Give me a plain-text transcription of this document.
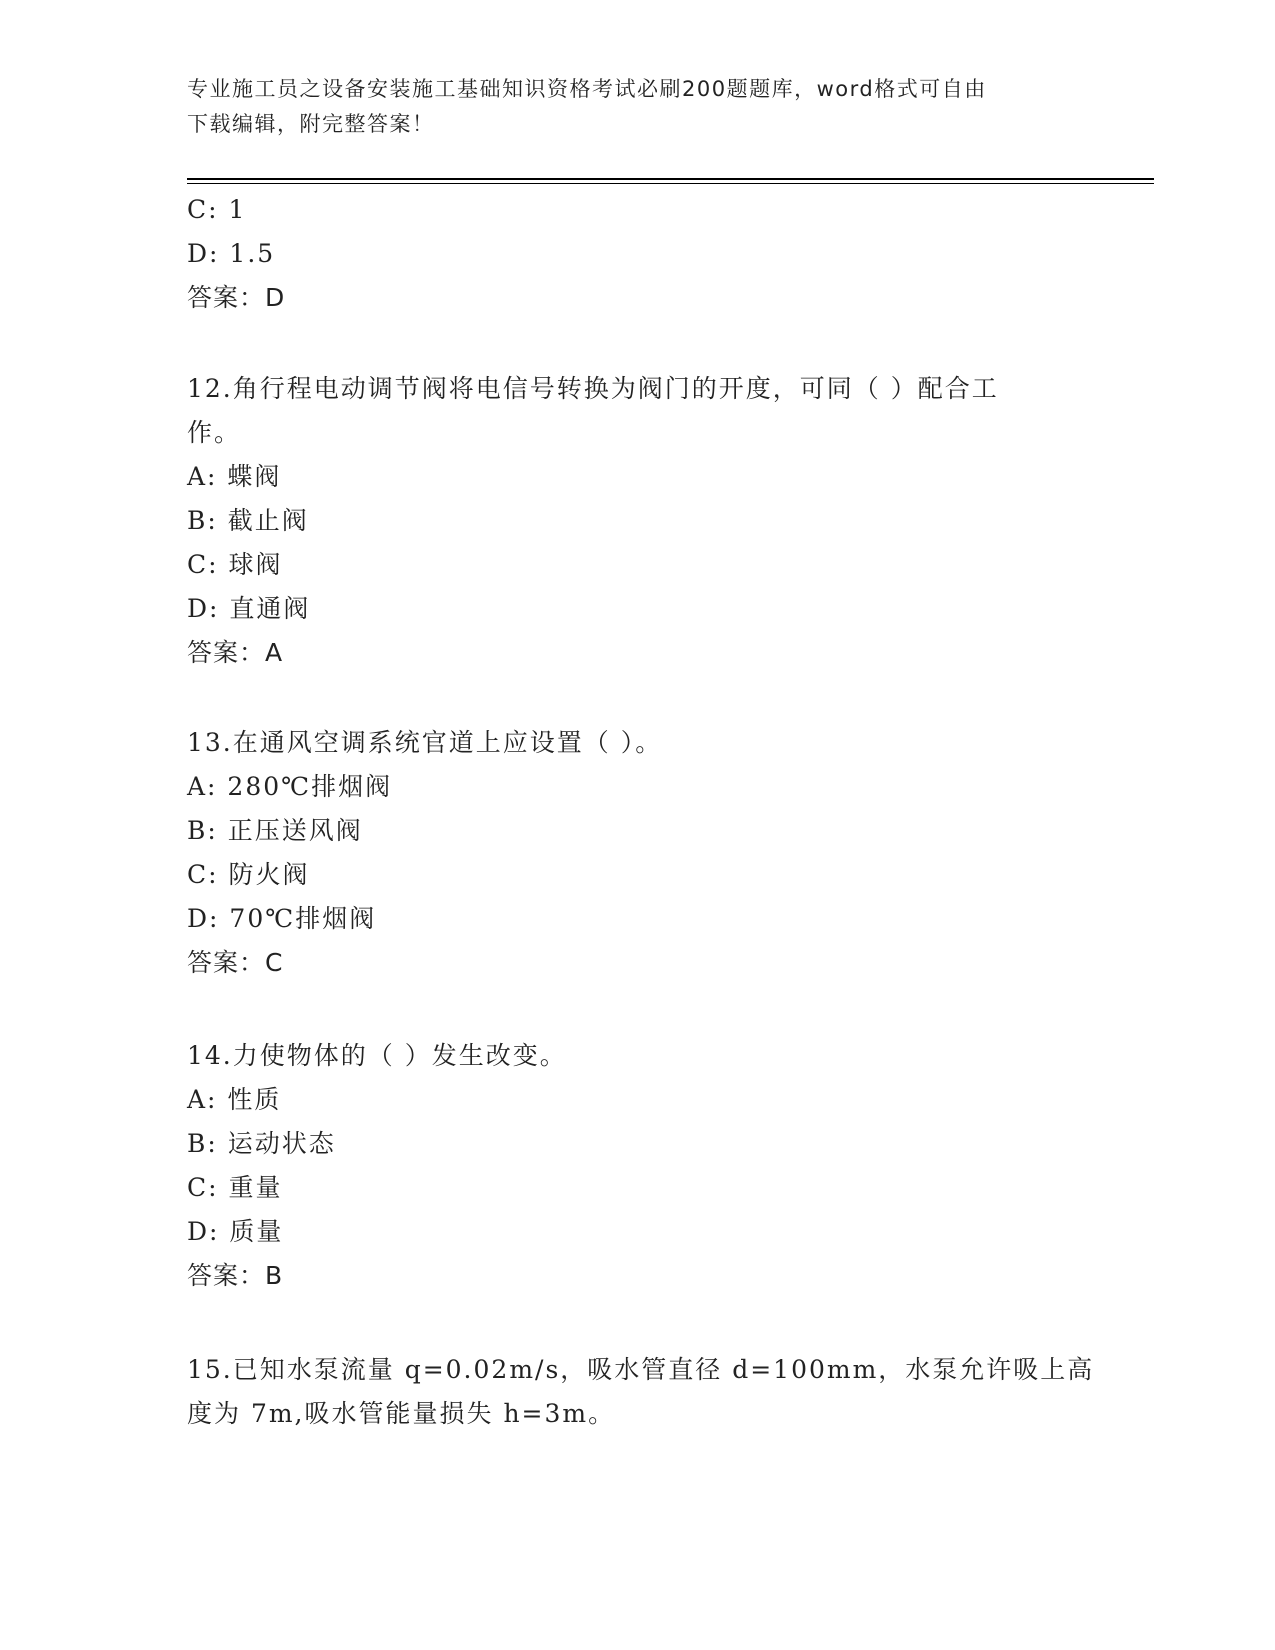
专业施工员之设备安装施工基础知识资格考试必刷200题题库，word格式可自由
下载编辑，附完整答案！
C: 1
D: 1.5
答案：D
12.角行程电动调节阀将电信号转换为阀门的开度，可同（ ）配合工
作。
A: 蝶阀
B: 截止阀
C: 球阀
D: 直通阀
答案：A
13.在通风空调系统官道上应设置（ ）。
A: 280℃排烟阀
B: 正压送风阀
C: 防火阀
D: 70℃排烟阀
答案：C
14.力使物体的（ ）发生改变。
A: 性质
B: 运动状态
C: 重量
D: 质量
答案：B
15.已知水泵流量 q=0.02m/s，吸水管直径 d=100mm，水泵允许吸上高
度为 7m,吸水管能量损失 h=3m。
